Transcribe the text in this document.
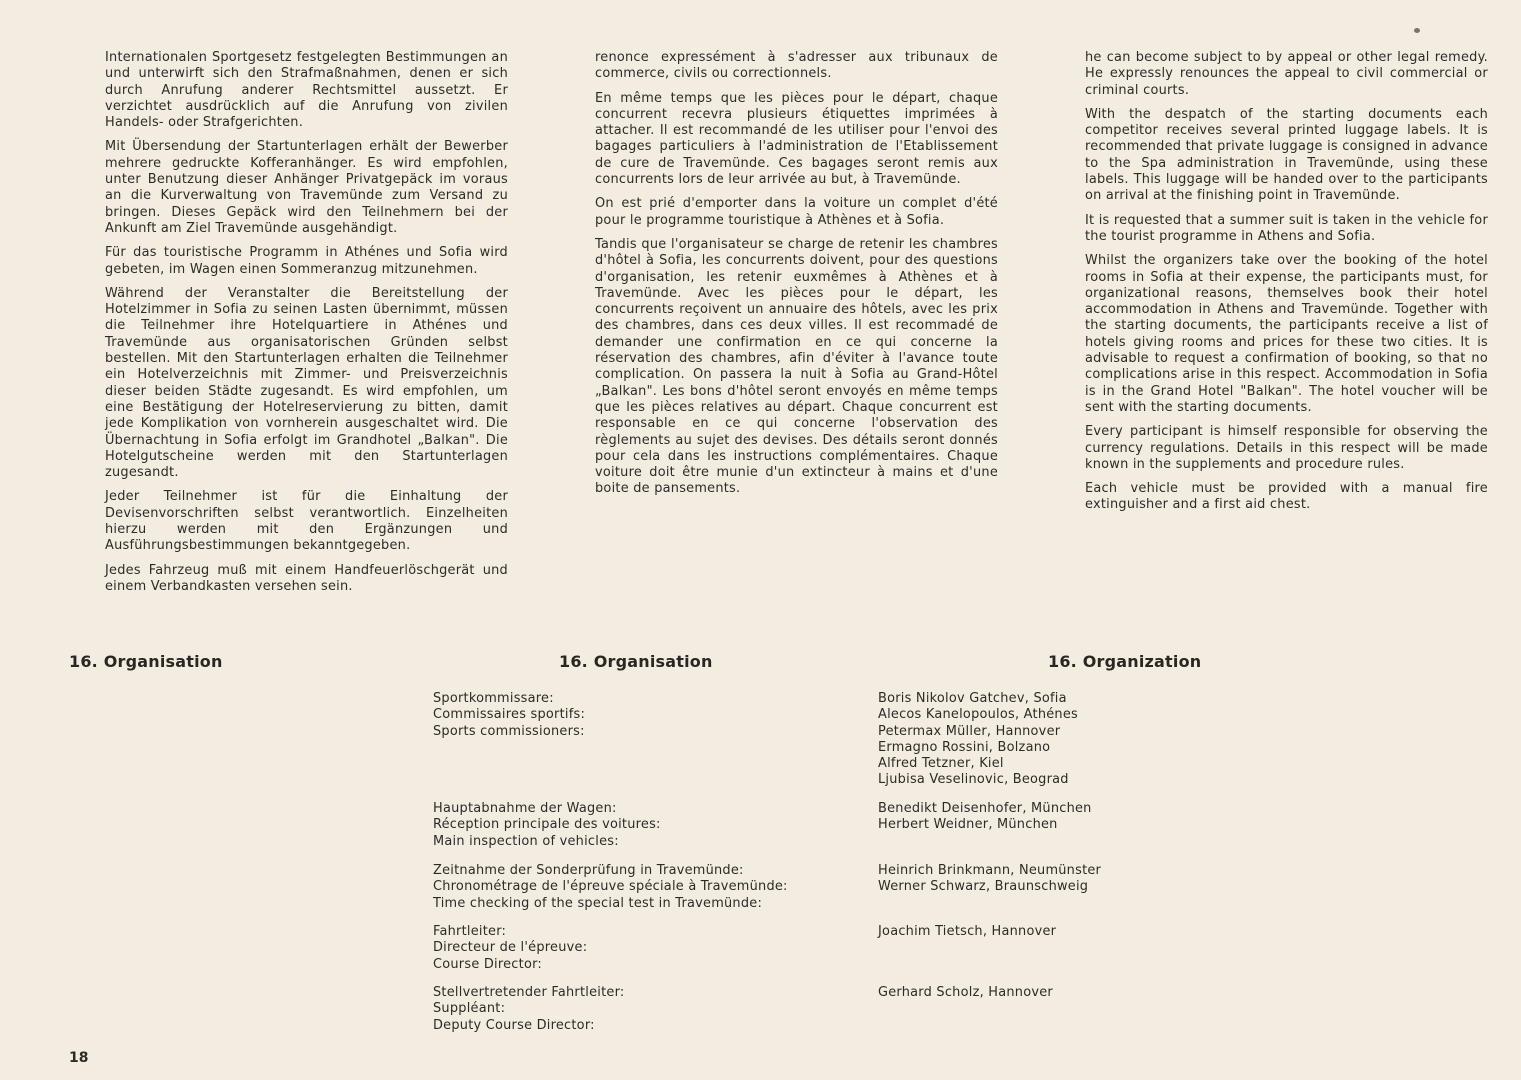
Internationalen Sportgesetz festgelegten Bestimmungen an und unterwirft sich den Strafmaßnahmen, denen er sich durch Anrufung anderer Rechtsmittel aussetzt. Er verzichtet ausdrücklich auf die Anrufung von zivilen Handels- oder Strafgerichten.

Mit Übersendung der Startunterlagen erhält der Bewerber mehrere gedruckte Kofferanhänger. Es wird empfohlen, unter Benutzung dieser Anhänger Privatgepäck im voraus an die Kurverwaltung von Travemünde zum Versand zu bringen. Dieses Gepäck wird den Teilnehmern bei der Ankunft am Ziel Travemünde ausgehändigt.

Für das touristische Programm in Athénes und Sofia wird gebeten, im Wagen einen Sommeranzug mitzunehmen.

Während der Veranstalter die Bereitstellung der Hotelzimmer in Sofia zu seinen Lasten übernimmt, müssen die Teilnehmer ihre Hotelquartiere in Athénes und Travemünde aus organisatorischen Gründen selbst bestellen. Mit den Startunterlagen erhalten die Teilnehmer ein Hotelverzeichnis mit Zimmer- und Preisverzeichnis dieser beiden Städte zugesandt. Es wird empfohlen, um eine Bestätigung der Hotelreservierung zu bitten, damit jede Komplikation von vornherein ausgeschaltet wird. Die Übernachtung in Sofia erfolgt im Grandhotel „Balkan". Die Hotelgutscheine werden mit den Startunterlagen zugesandt.

Jeder Teilnehmer ist für die Einhaltung der Devisenvorschriften selbst verantwortlich. Einzelheiten hierzu werden mit den Ergänzungen und Ausführungsbestimmungen bekanntgegeben.

Jedes Fahrzeug muß mit einem Handfeuerlöschgerät und einem Verbandkasten versehen sein.

renonce expressément à s'adresser aux tribunaux de commerce, civils ou correctionnels.

En même temps que les pièces pour le départ, chaque concurrent recevra plusieurs étiquettes imprimées à attacher. Il est recommandé de les utiliser pour l'envoi des bagages particuliers à l'administration de l'Etablissement de cure de Travemünde. Ces bagages seront remis aux concurrents lors de leur arrivée au but, à Travemünde.

On est prié d'emporter dans la voiture un complet d'été pour le programme touristique à Athènes et à Sofia.

Tandis que l'organisateur se charge de retenir les chambres d'hôtel à Sofia, les concurrents doivent, pour des questions d'organisation, les retenir euxmêmes à Athènes et à Travemünde. Avec les pièces pour le départ, les concurrents reçoivent un annuaire des hôtels, avec les prix des chambres, dans ces deux villes. Il est recommadé de demander une confirmation en ce qui concerne la réservation des chambres, afin d'éviter à l'avance toute complication. On passera la nuit à Sofia au Grand-Hôtel „Balkan". Les bons d'hôtel seront envoyés en même temps que les pièces relatives au départ. Chaque concurrent est responsable en ce qui concerne l'observation des règlements au sujet des devises. Des détails seront donnés pour cela dans les instructions complémentaires. Chaque voiture doit être munie d'un extincteur à mains et d'une boite de pansements.

he can become subject to by appeal or other legal remedy. He expressly renounces the appeal to civil commercial or criminal courts.

With the despatch of the starting documents each competitor receives several printed luggage labels. It is recommended that private luggage is consigned in advance to the Spa administration in Travemünde, using these labels. This luggage will be handed over to the participants on arrival at the finishing point in Travemünde.

It is requested that a summer suit is taken in the vehicle for the tourist programme in Athens and Sofia.

Whilst the organizers take over the booking of the hotel rooms in Sofia at their expense, the participants must, for organizational reasons, themselves book their hotel accommodation in Athens and Travemünde. Together with the starting documents, the participants receive a list of hotels giving rooms and prices for these two cities. It is advisable to request a confirmation of booking, so that no complications arise in this respect. Accommodation in Sofia is in the Grand Hotel "Balkan". The hotel voucher will be sent with the starting documents.

Every participant is himself responsible for observing the currency regulations. Details in this respect will be made known in the supplements and procedure rules.

Each vehicle must be provided with a manual fire extinguisher and a first aid chest.

16. Organisation	16. Organisation	16. Organization
Sportkommissare:
Commissaires sportifs:
Sports commissioners:
Boris Nikolov Gatchev, Sofia
Alecos Kanelopoulos, Athénes
Petermax Müller, Hannover
Ermagno Rossini, Bolzano
Alfred Tetzner, Kiel
Ljubisa Veselinovic, Beograd
Hauptabnahme der Wagen:
Réception principale des voitures:
Main inspection of vehicles:
Benedikt Deisenhofer, München
Herbert Weidner, München
Zeitnahme der Sonderprüfung in Travemünde:
Chronométrage de l'épreuve spéciale à Travemünde:
Time checking of the special test in Travemünde:
Heinrich Brinkmann, Neumünster
Werner Schwarz, Braunschweig
Fahrtleiter:
Directeur de l'épreuve:
Course Director:
Joachim Tietsch, Hannover
Stellvertretender Fahrtleiter:
Suppléant:
Deputy Course Director:
Gerhard Scholz, Hannover
18
